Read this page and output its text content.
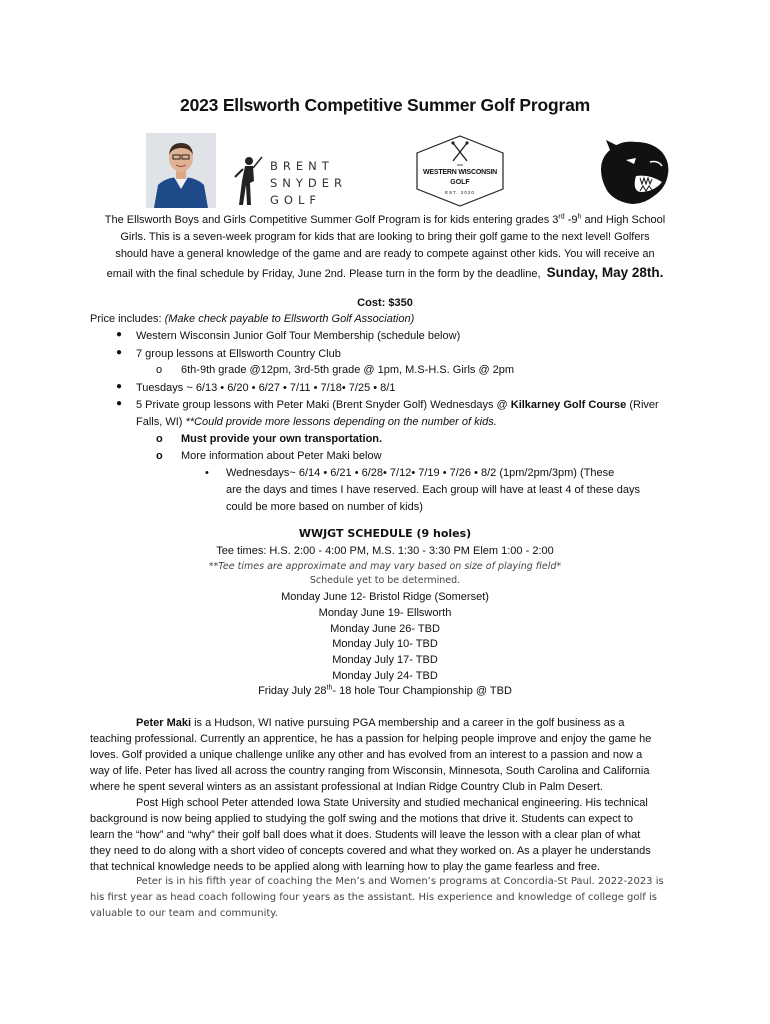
2023 Ellsworth Competitive Summer Golf Program
BRENT
SNYDER
GOLF
WESTERN WISCONSIN
GOLF
EST. 2020
The Ellsworth Boys and Girls Competitive Summer Golf Program is for kids entering grades 3rd -9$^h$ and High School
Girls. This is a seven-week program for kids that are looking to bring their golf game to the next level! Golfers
should have a general knowledge of the game and are ready to compete against other kids. You will receive an
email with the final schedule by Friday, June 2nd. Please turn in the form by the deadline, Sunday, May 28th.
Cost: $350
Price includes: (Make check payable to Ellsworth Golf Association)
● Western Wisconsin Junior Golf Tour Membership (schedule below)
● 7 group lessons at Ellsworth Country Club
o 6th-9th grade @12pm, 3rd-5th grade @ 1pm, M.S-H.S. Girls @ 2pm
● Tuesdays ~ 6/13 • 6/20 • 6/27 • 7/11 • 7/18• 7/25 • 8/1
● 5 Private group lessons with Peter Maki (Brent Snyder Golf) Wednesdays @ Kilkarney Golf Course (River
Falls, WI) **Could provide more lessons depending on the number of kids.
o Must provide your own transportation.
o More information about Peter Maki below
• Wednesdays~ 6/14 • 6/21 • 6/28• 7/12• 7/19 • 7/26 • 8/2 (1pm/2pm/3pm) (These
are the days and times I have reserved. Each group will have at least 4 of these days
could be more based on number of kids)
WWJGT SCHEDULE (9 holes)
Tee times: H.S. 2:00 - 4:00 PM, M.S. 1:30 - 3:30 PM Elem 1:00 - 2:00
**Tee times are approximate and may vary based on size of playing field*
Schedule yet to be determined.
Monday June 12- Bristol Ridge (Somerset)
Monday June 19- Ellsworth
Monday June 26- TBD
Monday July 10- TBD
Monday July 17- TBD
Monday July 24- TBD
Friday July 28th- 18 hole Tour Championship @ TBD
Peter Maki is a Hudson, WI native pursuing PGA membership and a career in the golf business as a
teaching professional. Currently an apprentice, he has a passion for helping people improve and enjoy the game he
loves. Golf provided a unique challenge unlike any other and has evolved from an interest to a passion and now a
way of life. Peter has lived all across the country ranging from Wisconsin, Minnesota, South Carolina and California
where he spent several winters as an assistant professional at Indian Ridge Country Club in Palm Desert.
Post High school Peter attended Iowa State University and studied mechanical engineering. His technical
background is now being applied to studying the golf swing and the motions that drive it. Students can expect to
learn the “how” and “why” their golf ball does what it does. Students will leave the lesson with a clear plan of what
they need to do along with a short video of concepts covered and what they worked on. As a player he understands
that technical knowledge needs to be applied along with learning how to play the game fearless and free.
Peter is in his fifth year of coaching the Men’s and Women’s programs at Concordia-St Paul. 2022-2023 is
his first year as head coach following four years as the assistant. His experience and knowledge of college golf is
valuable to our team and community.
